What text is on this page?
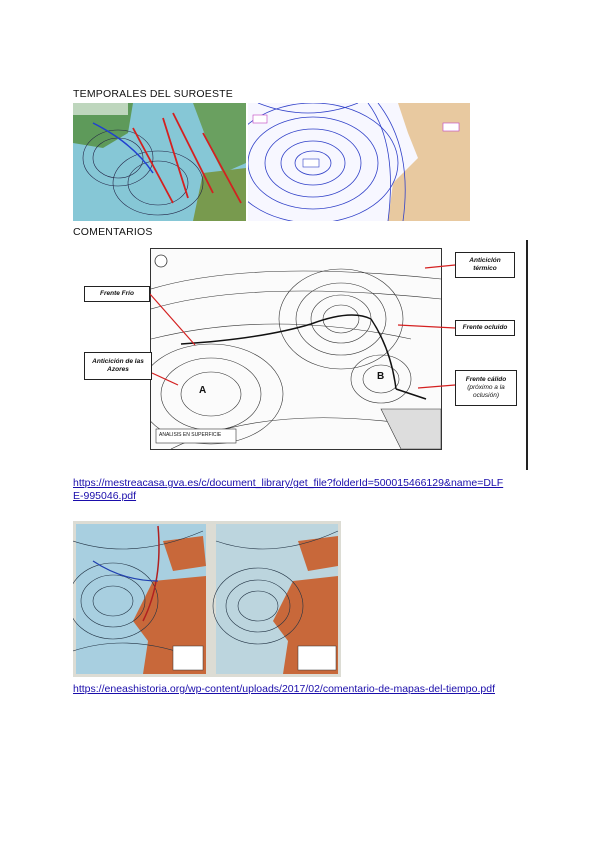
TEMPORALES DEL SUROESTE
COMENTARIOS
A
B
ANALISIS EN SUPERFICIE
Frente Frío
Anticición de las Azores
Anticiclón térmico
Frente ocluido
Frente cálido
(próximo a la oclusión)
https://mestreacasa.gva.es/c/document_library/get_file?folderId=500015466129&name=DLF
E-995046.pdf
https://eneashistoria.org/wp-content/uploads/2017/02/comentario-de-mapas-del-tiempo.pdf
